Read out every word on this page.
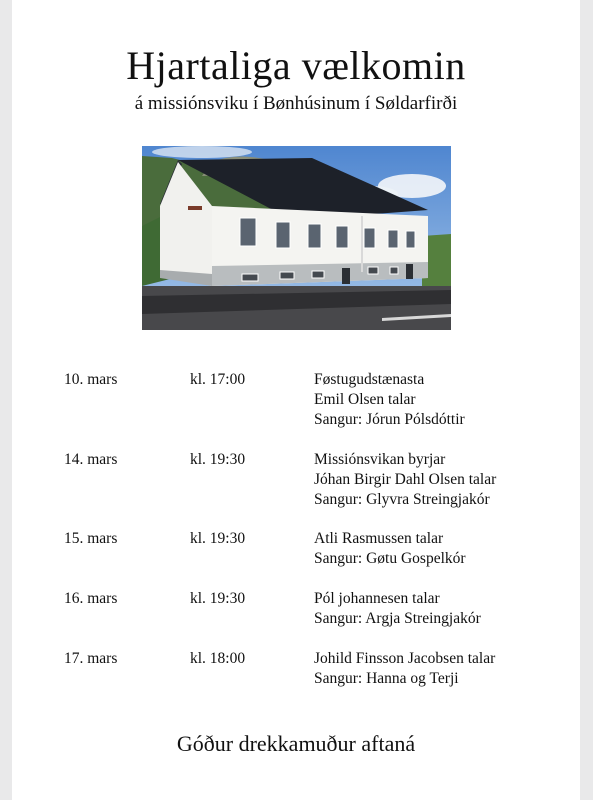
Hjartaliga vælkomin
á missiónsviku í Bønhúsinum í Søldarfirði
10. mars	kl. 17:00	Føstugudstænasta
Emil Olsen talar
Sangur: Jórun Pólsdóttir
14. mars	kl. 19:30	Missiónsvikan byrjar
Jóhan Birgir Dahl Olsen talar
Sangur: Glyvra Streingjakór
15. mars	kl. 19:30	Atli Rasmussen talar
Sangur: Gøtu Gospelkór
16. mars	kl. 19:30	Pól johannesen talar
Sangur: Argja Streingjakór
17. mars	kl. 18:00	Johild Finsson Jacobsen talar
Sangur: Hanna og Terji
Góður drekkamuður aftaná
